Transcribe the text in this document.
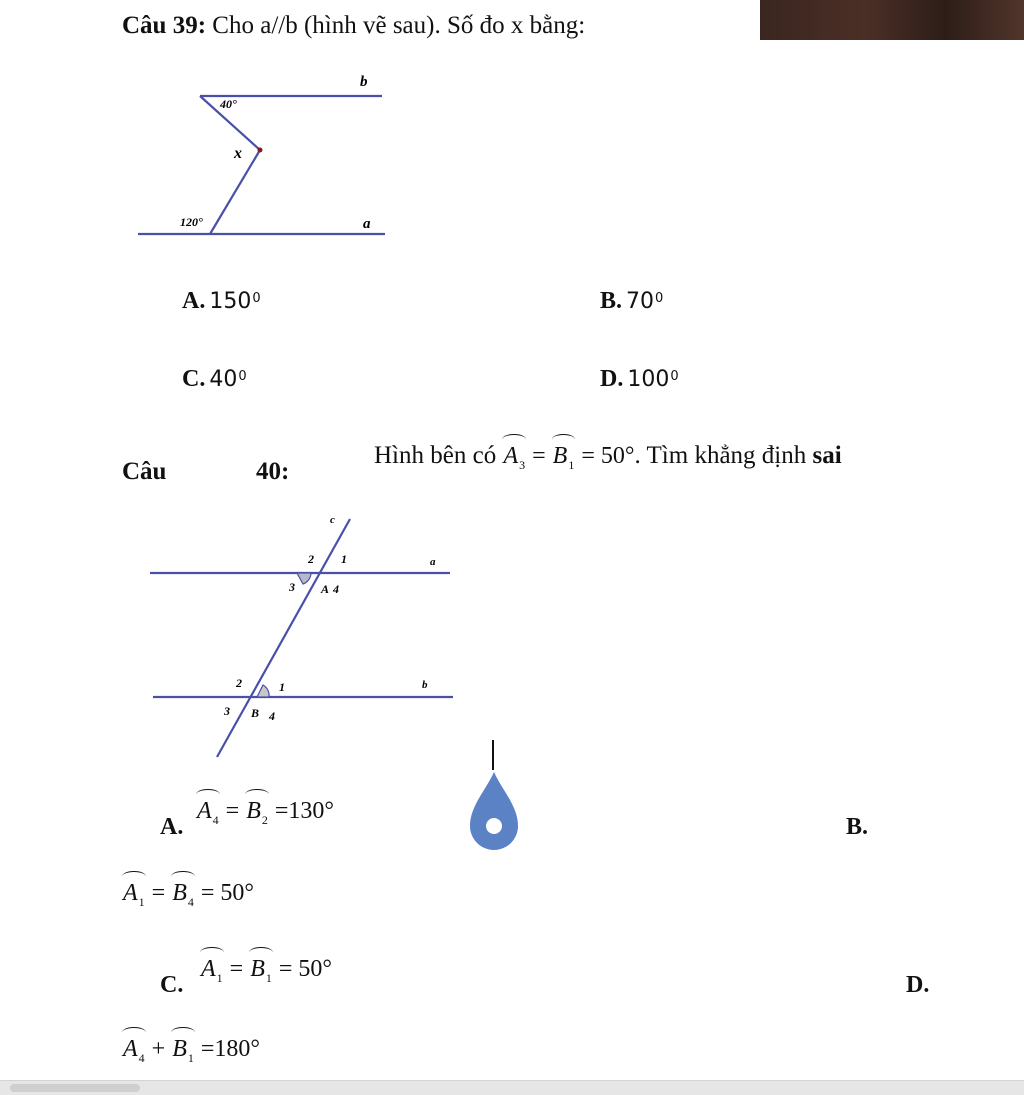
Câu 39: Cho a//b (hình vẽ sau). Số đo x bằng:
b
a
40°
x
120°
A. $150^0$	B. $70^0$
C. $40^0$	D. $100^0$
Câu	40:
Hình bên có $A_3 = B_1 = 50^\circ$. Tìm khẳng định sai
c
a
b
2 1
3 A 4
2	1
3 B 4
A.
$A_4 = B_2 =130^\circ$
B.
$A_1 = B_4 = 50^\circ$
C.
$A_1 = B_1 = 50^\circ$
D.
$A_4 + B_1 =180^\circ$
